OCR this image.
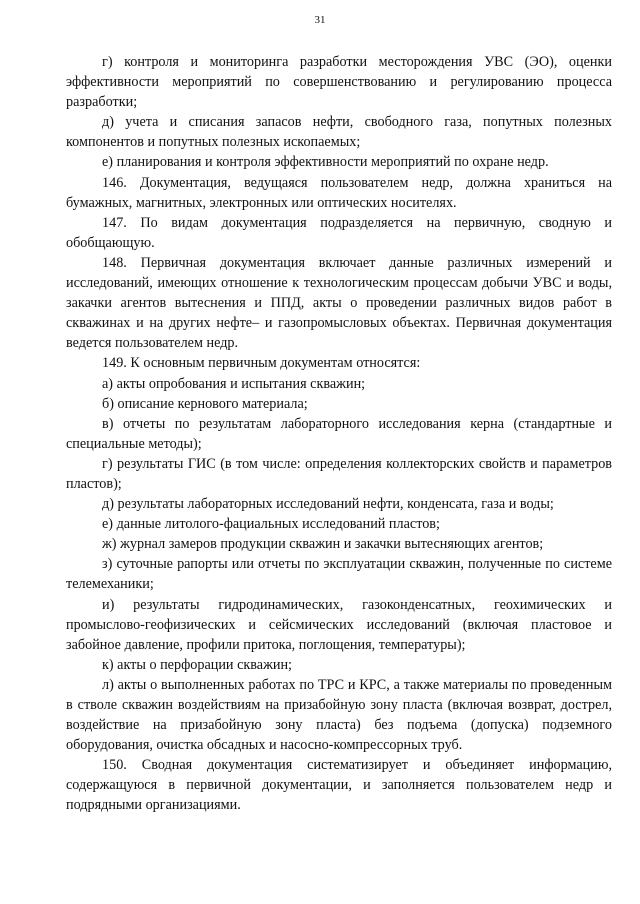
31

г) контроля и мониторинга разработки месторождения УВС (ЭО), оценки эффективности мероприятий по совершенствованию и регулированию процесса разработки;

д) учета и списания запасов нефти, свободного газа, попутных полезных компонентов и попутных полезных ископаемых;

е) планирования и контроля эффективности мероприятий по охране недр.

146. Документация, ведущаяся пользователем недр, должна храниться на бумажных, магнитных, электронных или оптических носителях.

147. По видам документация подразделяется на первичную, сводную и обобщающую.

148. Первичная документация включает данные различных измерений и исследований, имеющих отношение к технологическим процессам добычи УВС и воды, закачки агентов вытеснения и ППД, акты о проведении различных видов работ в скважинах и на других нефте– и газопромысловых объектах. Первичная документация ведется пользователем недр.

149. К основным первичным документам относятся:

а) акты опробования и испытания скважин;

б) описание кернового материала;

в) отчеты по результатам лабораторного исследования керна (стандартные и специальные методы);

г) результаты ГИС (в том числе: определения коллекторских свойств и параметров пластов);

д) результаты лабораторных исследований нефти, конденсата, газа и воды;

е) данные литолого-фациальных исследований пластов;

ж) журнал замеров продукции скважин и закачки вытесняющих агентов;

з) суточные рапорты или отчеты по эксплуатации скважин, полученные по системе телемеханики;

и) результаты гидродинамических, газоконденсатных, геохимических и промыслово-геофизических и сейсмических исследований (включая пластовое и забойное давление, профили притока, поглощения, температуры);

к) акты о перфорации скважин;

л) акты о выполненных работах по ТРС и КРС, а также материалы по проведенным в стволе скважин воздействиям на призабойную зону пласта (включая возврат, дострел, воздействие на призабойную зону пласта) без подъема (допуска) подземного оборудования, очистка обсадных и насосно-компрессорных труб.

150. Сводная документация систематизирует и объединяет информацию, содержащуюся в первичной документации, и заполняется пользователем недр и подрядными организациями.
